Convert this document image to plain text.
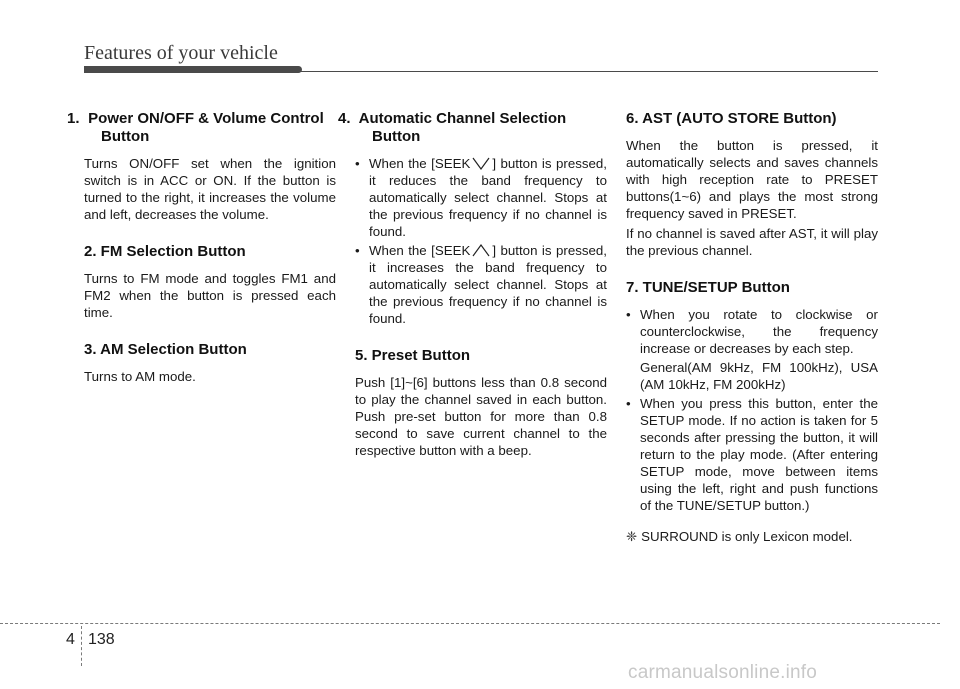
Features of your vehicle
1. Power ON/OFF & Volume Control Button

Turns ON/OFF set when the ignition switch is in ACC or ON. If the button is turned to the right, it increases the volume and left, decreases the volume.

2. FM Selection Button

Turns to FM mode and toggles FM1 and FM2 when the button is pressed each time.

3. AM Selection Button

Turns to AM mode.

4. Automatic Channel Selection Button
• When the [SEEK ] button is pressed, it reduces the band frequency to automatically select channel. Stops at the previous frequency if no channel is found.
• When the [SEEK ] button is pressed, it increases the band frequency to automatically select channel. Stops at the previous frequency if no channel is found.
5. Preset Button

Push [1]~[6] buttons less than 0.8 second to play the channel saved in each button. Push pre-set button for more than 0.8 second to save current channel to the respective button with a beep.

6. AST (AUTO STORE Button)

When the button is pressed, it automatically selects and saves channels with high reception rate to PRESET buttons(1~6) and plays the most strong frequency saved in PRESET.

If no channel is saved after AST, it will play the previous channel.

7. TUNE/SETUP Button
• When you rotate to clockwise or counterclockwise, the frequency increase or decreases by each step.
General(AM 9kHz, FM 100kHz), USA (AM 10kHz, FM 200kHz)
• When you press this button, enter the SETUP mode. If no action is taken for 5 seconds after pressing the button, it will return to the play mode. (After entering SETUP mode, move between items using the left, right and push functions of the TUNE/SETUP button.)
❈ SURROUND is only Lexicon model.
4 138
carmanualsonline.info
